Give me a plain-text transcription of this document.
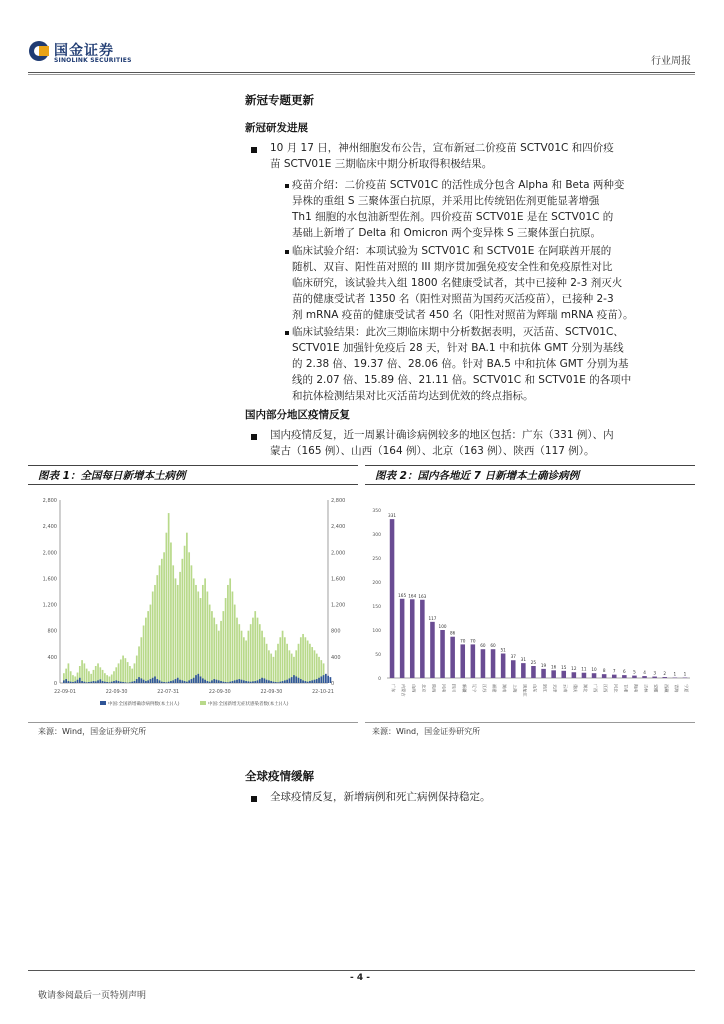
国金证券
SINOLINK SECURITIES	行业周报
新冠专题更新
新冠研发进展
10 月 17 日，神州细胞发布公告，宣布新冠二价疫苗 SCTV01C 和四价疫
苗 SCTV01E 三期临床中期分析取得积极结果。
疫苗介绍：二价疫苗 SCTV01C 的活性成分包含 Alpha 和 Beta 两种变
异株的重组 S 三聚体蛋白抗原，并采用比传统铝佐剂更能显著增强
Th1 细胞的水包油新型佐剂。四价疫苗 SCTV01E 是在 SCTV01C 的
基础上新增了 Delta 和 Omicron 两个变异株 S 三聚体蛋白抗原。
临床试验介绍：本项试验为 SCTV01C 和 SCTV01E 在阿联酋开展的
随机、双盲、阳性苗对照的 III 期序贯加强免疫安全性和免疫原性对比
临床研究，该试验共入组 1800 名健康受试者，其中已接种 2-3 剂灭火
苗的健康受试者 1350 名（阳性对照苗为国药灭活疫苗），已接种 2-3
剂 mRNA 疫苗的健康受试者 450 名（阳性对照苗为辉瑞 mRNA 疫苗）。
临床试验结果：此次三期临床期中分析数据表明，灭活苗、SCTV01C、
SCTV01E 加强针免疫后 28 天，针对 BA.1 中和抗体 GMT 分别为基线
的 2.38 倍、19.37 倍、28.06 倍。针对 BA.5 中和抗体 GMT 分别为基
线的 2.07 倍、15.89 倍、21.11 倍。SCTV01C 和 SCTV01E 的各项中
和抗体检测结果对比灭活苗均达到优效的终点指标。
国内部分地区疫情反复
国内疫情反复，近一周累计确诊病例较多的地区包括：广东（331 例）、内
蒙古（165 例）、山西（164 例）、北京（163 例）、陕西（117 例）。
图表 1：全国每日新增本土病例
0	0
400	400
800	800
1,200	1,200
1,600	1,600
2,000	2,000
2,400	2,400
2,800	2,800
22-09-01	22-09-30	22-07-31	22-09-30	22-09-30	22-10-21
中国:全国新增确诊病例数(本土)(人)	中国:全国新增无症状感染者数(本土)(人)
来源：Wind，国金证券研究所
图表 2：国内各地近 7 日新增本土确诊病例
0
50
100
150
200
250
300
350
331
广东
165
内蒙古
164
山西
163
北京
117
陕西
100
河南
86
四川
70
新疆
70
辽宁
60
江苏
60
福建
51
湖南
37
上海
31
黑龙江
25
山东
19
浙江
16
天津
15
云南
12
重庆
11
湖北
10
广西
8
江西
7
河北
6
甘肃
5
海南
4
吉林
3
安徽
2
西藏
1
青海
1
宁夏
来源：Wind，国金证券研究所
全球疫情缓解
全球疫情反复，新增病例和死亡病例保持稳定。
- 4 -
敬请参阅最后一页特别声明
